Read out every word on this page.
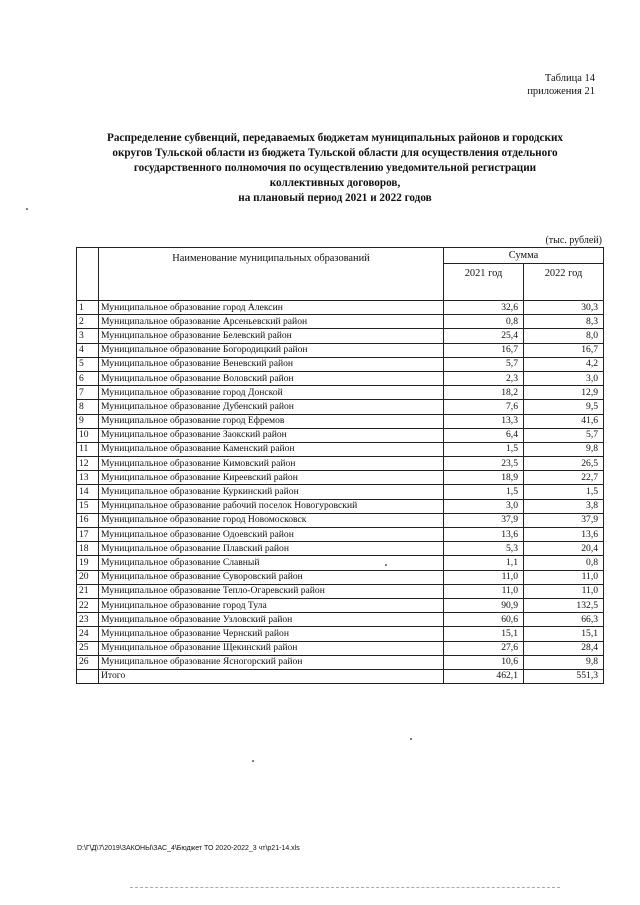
Таблица 14
приложения 21
Распределение субвенций, передаваемых бюджетам муниципальных районов и городских
округов Тульской области из бюджета Тульской области для осуществления отдельного
государственного полномочия по осуществлению уведомительной регистрации
коллективных договоров,
на плановый период 2021 и 2022 годов
(тыс. рублей)
	Наименование муниципальных образований	Сумма	
		2021 год	2022 год
1	Муниципальное образование город Алексин	32,6	30,3
2	Муниципальное образование Арсеньевский район	0,8	8,3
3	Муниципальное образование Белевский район	25,4	8,0
4	Муниципальное образование Богородицкий район	16,7	16,7
5	Муниципальное образование Веневский район	5,7	4,2
6	Муниципальное образование Воловский район	2,3	3,0
7	Муниципальное образование город Донской	18,2	12,9
8	Муниципальное образование Дубенский район	7,6	9,5
9	Муниципальное образование город Ефремов	13,3	41,6
10	Муниципальное образование Заокский район	6,4	5,7
11	Муниципальное образование Каменский район	1,5	9,8
12	Муниципальное образование Кимовский район	23,5	26,5
13	Муниципальное образование Киреевский район	18,9	22,7
14	Муниципальное образование Куркинский район	1,5	1,5
15	Муниципальное образование рабочий поселок Новогуровский	3,0	3,8
16	Муниципальное образование город Новомосковск	37,9	37,9
17	Муниципальное образование Одоевский район	13,6	13,6
18	Муниципальное образование Плавский район	5,3	20,4
19	Муниципальное образование Славный	1,1	0,8
20	Муниципальное образование Суворовский район	11,0	11,0
21	Муниципальное образование Тепло-Огаревский район	11,0	11,0
22	Муниципальное образование город Тула	90,9	132,5
23	Муниципальное образование Узловский район	60,6	66,3
24	Муниципальное образование Чернский район	15,1	15,1
25	Муниципальное образование Щекинский район	27,6	28,4
26	Муниципальное образование Ясногорский район	10,6	9,8
	Итого	462,1	551,3
D:\Г\Д\7\2019\ЗАКОНЫ\ЗАС_4\Бюджет ТО 2020-2022_3 чт\р21-14.xls
